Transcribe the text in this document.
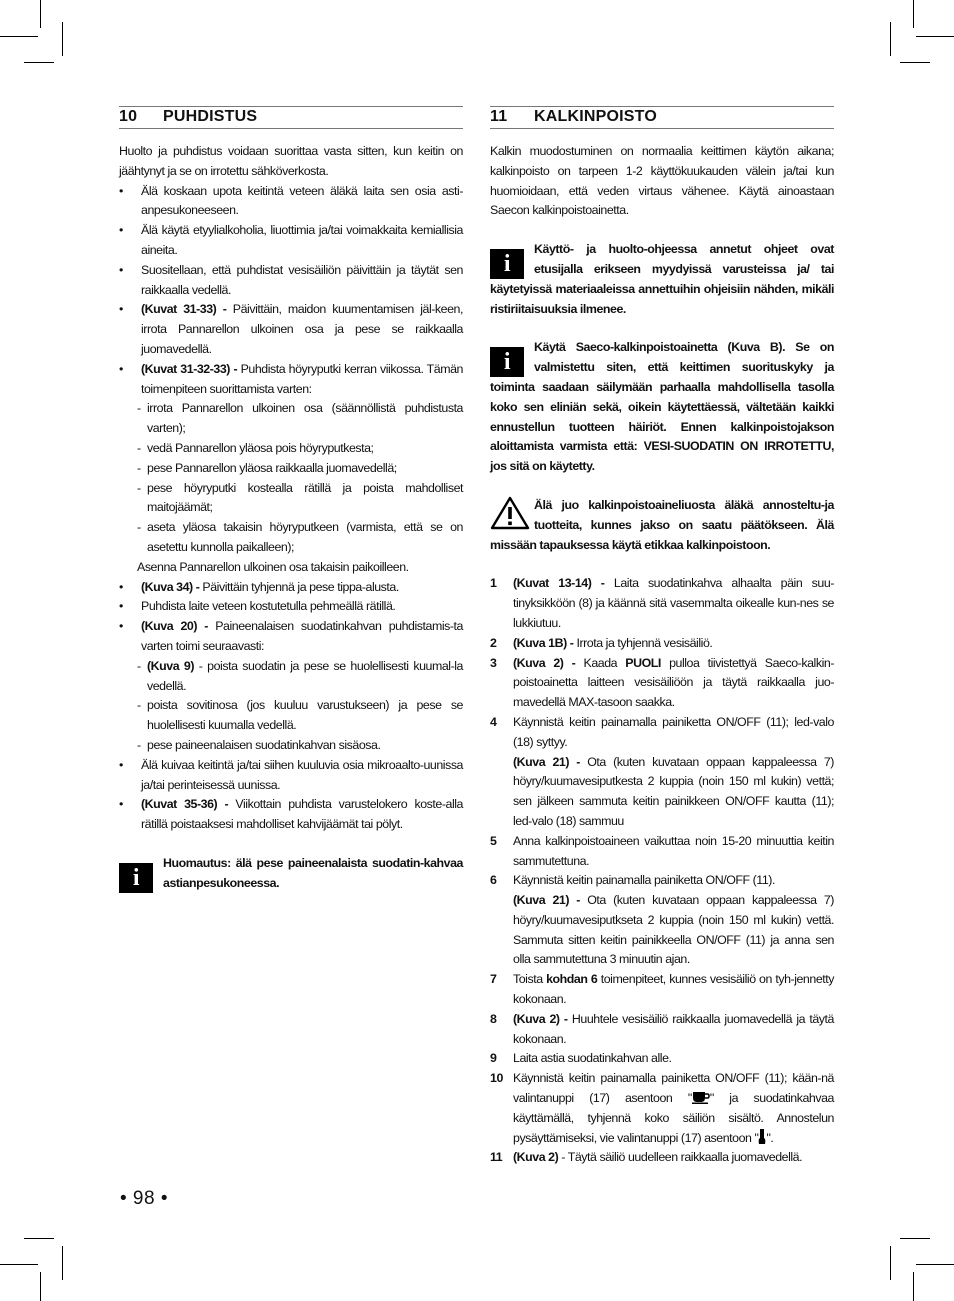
10	PUHDISTUS

Huolto ja puhdistus voidaan suorittaa vasta sitten, kun keitin on jäähtynyt ja se on irrotettu sähköverkosta.

• Älä koskaan upota keitintä veteen äläkä laita sen osia asti-anpesukoneeseen.
• Älä käytä etyylialkoholia, liuottimia ja/tai voimakkaita kemiallisia aineita.
• Suositellaan, että puhdistat vesisäiliön päivittäin ja täytät sen raikkaalla vedellä.
• (Kuvat 31-33) - Päivittäin, maidon kuumentamisen jäl-keen, irrota Pannarellon ulkoinen osa ja pese se raikkaalla juomavedellä.
• (Kuvat 31-32-33) - Puhdista höyryputki kerran viikossa. Tämän toimenpiteen suorittamista varten:
- irrota Pannarellon ulkoinen osa (säännöllistä puhdistusta varten);
- vedä Pannarellon yläosa pois höyryputkesta;
- pese Pannarellon yläosa raikkaalla juomavedellä;
- pese höyryputki kostealla rätillä ja poista mahdolliset maitojäämät;
- aseta yläosa takaisin höyryputkeen (varmista, että se on asetettu kunnolla paikalleen);
Asenna Pannarellon ulkoinen osa takaisin paikoilleen.
• (Kuva 34) - Päivittäin tyhjennä ja pese tippa-alusta.
• Puhdista laite veteen kostutetulla pehmeällä rätillä.
• (Kuva 20) - Paineenalaisen suodatinkahvan puhdistamis-ta varten toimi seuraavasti:
- (Kuva 9) - poista suodatin ja pese se huolellisesti kuumal-la vedellä.
- poista sovitinosa (jos kuuluu varustukseen) ja pese se huolellisesti kuumalla vedellä.
- pese paineenalaisen suodatinkahvan sisäosa.
• Älä kuivaa keitintä ja/tai siihen kuuluvia osia mikroaalto-uunissa ja/tai perinteisessä uunissa.
• (Kuvat 35-36) - Viikottain puhdista varustelokero koste-alla rätillä poistaaksesi mahdolliset kahvijäämät tai pölyt.
i
Huomautus: älä pese paineenalaista suodatin-kahvaa astianpesukoneessa.
11	KALKINPOISTO

Kalkin muodostuminen on normaalia keittimen käytön aikana; kalkinpoisto on tarpeen 1-2 käyttökuukauden välein ja/tai kun huomioidaan, että veden virtaus vähenee. Käytä ainoastaan Saecon kalkinpoistoainetta.

i
Käyttö- ja huolto-ohjeessa annetut ohjeet ovat etusijalla erikseen myydyissä varusteissa ja/ tai käytetyissä materiaaleissa annettuihin ohjeisiin nähden, mikäli ristiriitaisuuksia ilmenee.
i
Käytä Saeco-kalkinpoistoainetta (Kuva B). Se on valmistettu siten, että keittimen suorituskyky ja toiminta saadaan säilymään parhaalla mahdollisella tasolla koko sen eliniän sekä, oikein käytettäessä, vältetään kaikki ennustellun tuotteen häiriöt. Ennen kalkinpoistojakson aloittamista varmista että: VESI-SUODATIN ON IRROTETTU, jos sitä on käytetty.
Älä juo kalkinpoistoaineliuosta äläkä annosteltu-ja tuotteita, kunnes jakso on saatu päätökseen. Älä missään tapauksessa käytä etikkaa kalkinpoistoon.
1 (Kuvat 13-14) - Laita suodatinkahva alhaalta päin suu-tinyksikköön (8) ja käännä sitä vasemmalta oikealle kun-nes se lukkiutuu.
2 (Kuva 1B) - Irrota ja tyhjennä vesisäiliö.
3 (Kuva 2) - Kaada PUOLI pulloa tiivistettyä Saeco-kalkin-poistoainetta laitteen vesisäiliöön ja täytä raikkaalla juo-mavedellä MAX-tasoon saakka.
4 Käynnistä keitin painamalla painiketta ON/OFF (11); led-valo (18) syttyy.
(Kuva 21) - Ota (kuten kuvataan oppaan kappaleessa 7) höyry/kuumavesiputkesta 2 kuppia (noin 150 ml kukin) vettä; sen jälkeen sammuta keitin painikkeen ON/OFF kautta (11); led-valo (18) sammuu
5 Anna kalkinpoistoaineen vaikuttaa noin 15-20 minuuttia keitin sammutettuna.
6 Käynnistä keitin painamalla painiketta ON/OFF (11).
(Kuva 21) - Ota (kuten kuvataan oppaan kappaleessa 7) höyry/kuumavesiputkseta 2 kuppia (noin 150 ml kukin) vettä. Sammuta sitten keitin painikkeella ON/OFF (11) ja anna sen olla sammutettuna 3 minuutin ajan.
7 Toista kohdan 6 toimenpiteet, kunnes vesisäiliö on tyh-jennetty kokonaan.
8 (Kuva 2) - Huuhtele vesisäiliö raikkaalla juomavedellä ja täytä kokonaan.
9 Laita astia suodatinkahvan alle.
10 Käynnistä keitin painamalla painiketta ON/OFF (11); kään-nä valintanuppi (17) asentoon " " ja suodatinkahvaa käyttämällä, tyhjennä koko säiliön sisältö. Annostelun pysäyttämiseksi, vie valintanuppi (17) asentoon " ".
11 (Kuva 2) - Täytä säiliö uudelleen raikkaalla juomavedellä.
• 98 •
